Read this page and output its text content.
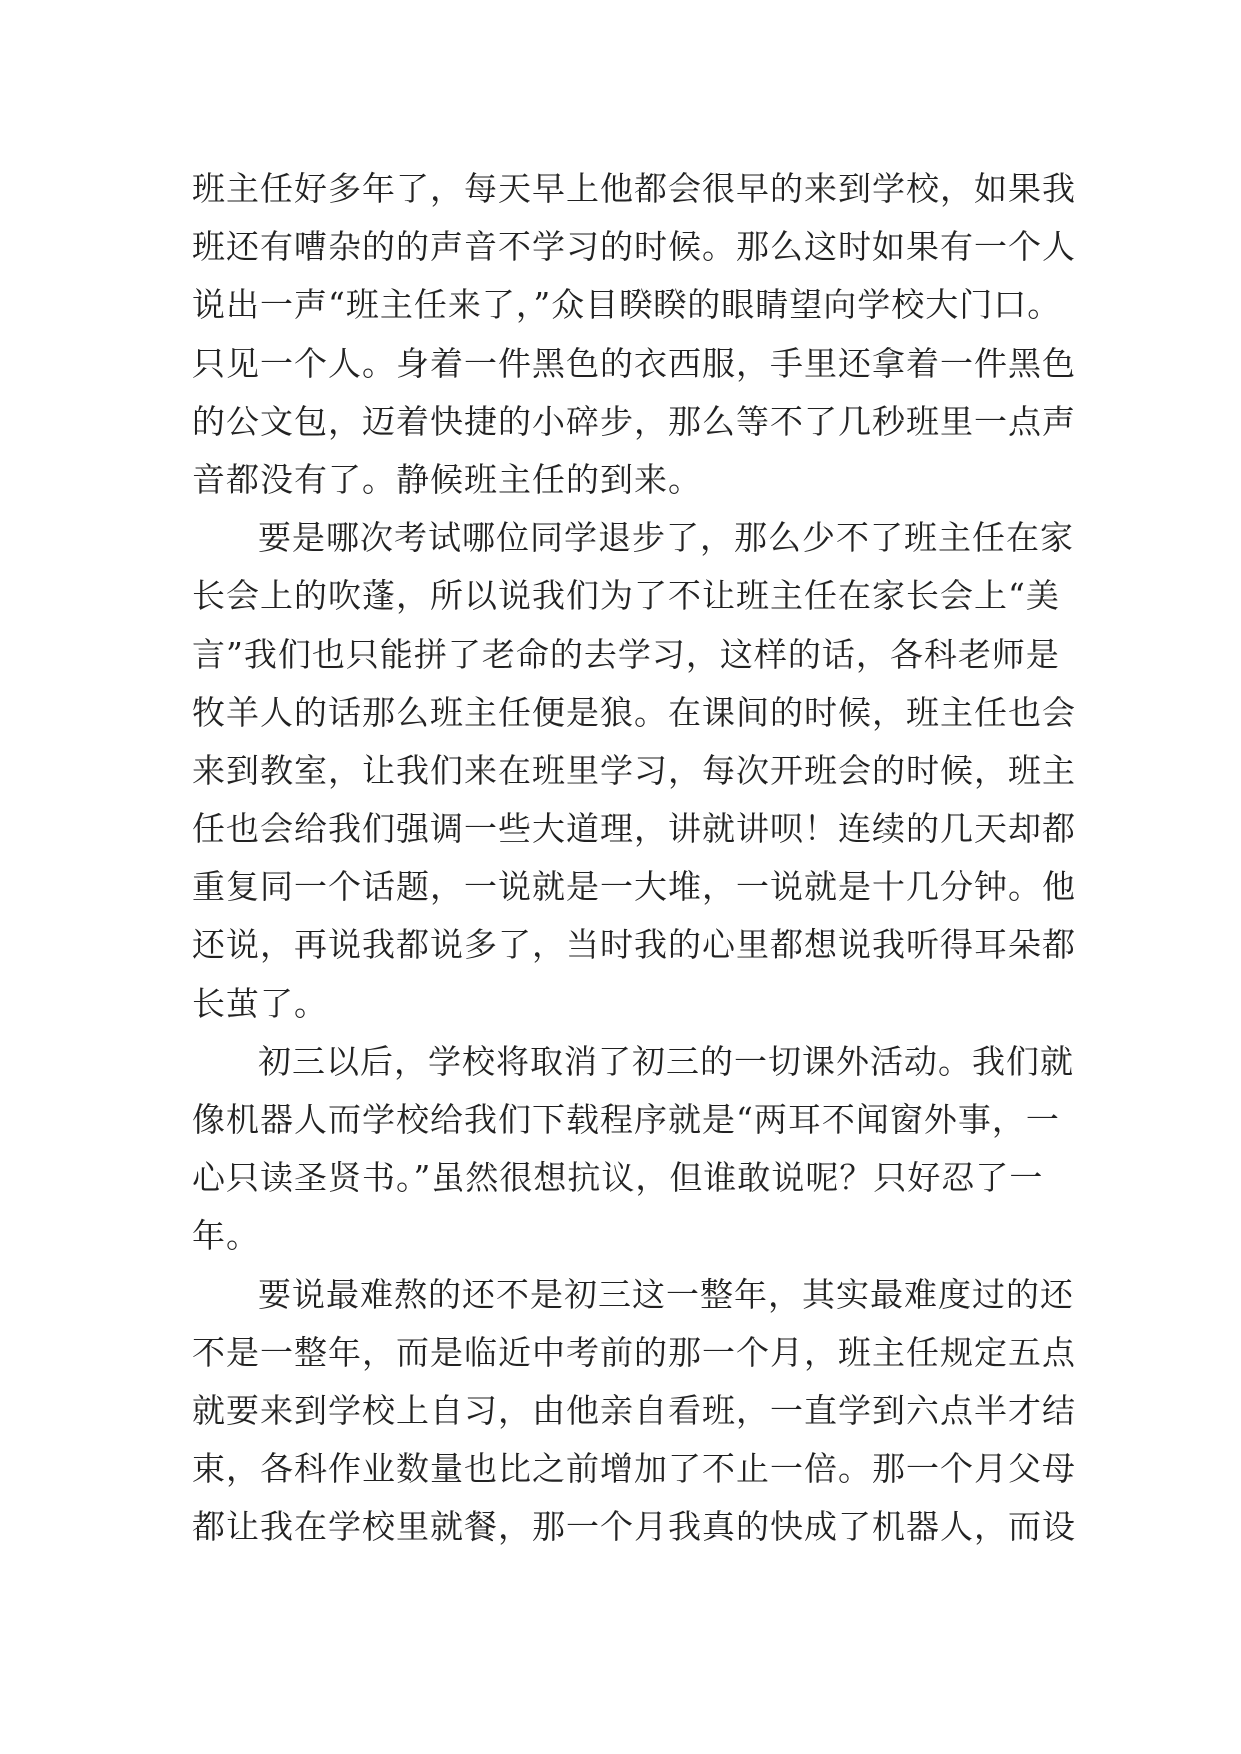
班主任好多年了，每天早上他都会很早的来到学校，如果我
班还有嘈杂的的声音不学习的时候。那么这时如果有一个人
说出一声“班主任来了，”众目睽睽的眼睛望向学校大门口。
只见一个人。身着一件黑色的衣西服，手里还拿着一件黑色
的公文包，迈着快捷的小碎步，那么等不了几秒班里一点声
音都没有了。静候班主任的到来。
要是哪次考试哪位同学退步了，那么少不了班主任在家
长会上的吹蓬，所以说我们为了不让班主任在家长会上“美
言”我们也只能拼了老命的去学习，这样的话，各科老师是
牧羊人的话那么班主任便是狼。在课间的时候，班主任也会
来到教室，让我们来在班里学习，每次开班会的时候，班主
任也会给我们强调一些大道理，讲就讲呗！连续的几天却都
重复同一个话题，一说就是一大堆，一说就是十几分钟。他
还说，再说我都说多了，当时我的心里都想说我听得耳朵都
长茧了。
初三以后，学校将取消了初三的一切课外活动。我们就
像机器人而学校给我们下载程序就是“两耳不闻窗外事，一
心只读圣贤书。”虽然很想抗议，但谁敢说呢？只好忍了一
年。
要说最难熬的还不是初三这一整年，其实最难度过的还
不是一整年，而是临近中考前的那一个月，班主任规定五点
就要来到学校上自习，由他亲自看班，一直学到六点半才结
束，各科作业数量也比之前增加了不止一倍。那一个月父母
都让我在学校里就餐，那一个月我真的快成了机器人，而设
